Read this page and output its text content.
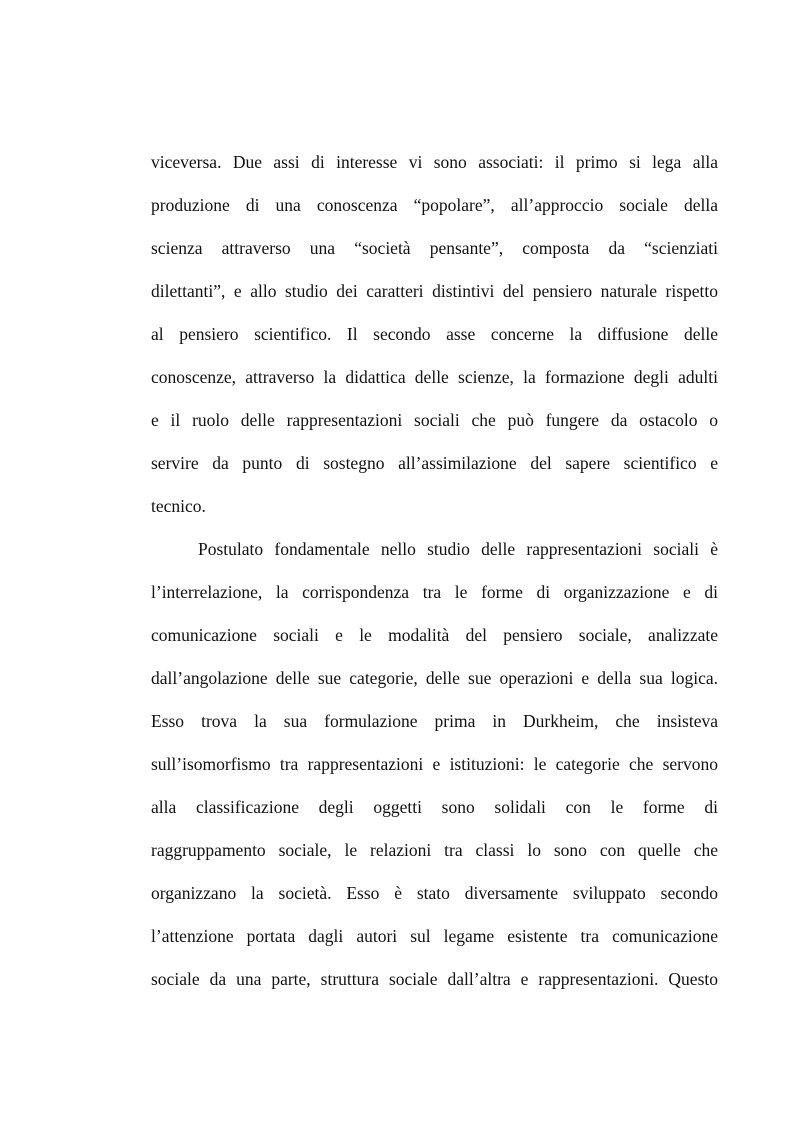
viceversa. Due assi di interesse vi sono associati: il primo si lega alla
produzione di una conoscenza “popolare”, all’approccio sociale della
scienza attraverso una “società pensante”, composta da “scienziati
dilettanti”, e allo studio dei caratteri distintivi del pensiero naturale rispetto
al pensiero scientifico. Il secondo asse concerne la diffusione delle
conoscenze, attraverso la didattica delle scienze, la formazione degli adulti
e il ruolo delle rappresentazioni sociali che può fungere da ostacolo o
servire da punto di sostegno all’assimilazione del sapere scientifico e
tecnico.
Postulato fondamentale nello studio delle rappresentazioni sociali è
l’interrelazione, la corrispondenza tra le forme di organizzazione e di
comunicazione sociali e le modalità del pensiero sociale, analizzate
dall’angolazione delle sue categorie, delle sue operazioni e della sua logica.
Esso trova la sua formulazione prima in Durkheim, che insisteva
sull’isomorfismo tra rappresentazioni e istituzioni: le categorie che servono
alla classificazione degli oggetti sono solidali con le forme di
raggruppamento sociale, le relazioni tra classi lo sono con quelle che
organizzano la società. Esso è stato diversamente sviluppato secondo
l’attenzione portata dagli autori sul legame esistente tra comunicazione
sociale da una parte, struttura sociale dall’altra e rappresentazioni. Questo
